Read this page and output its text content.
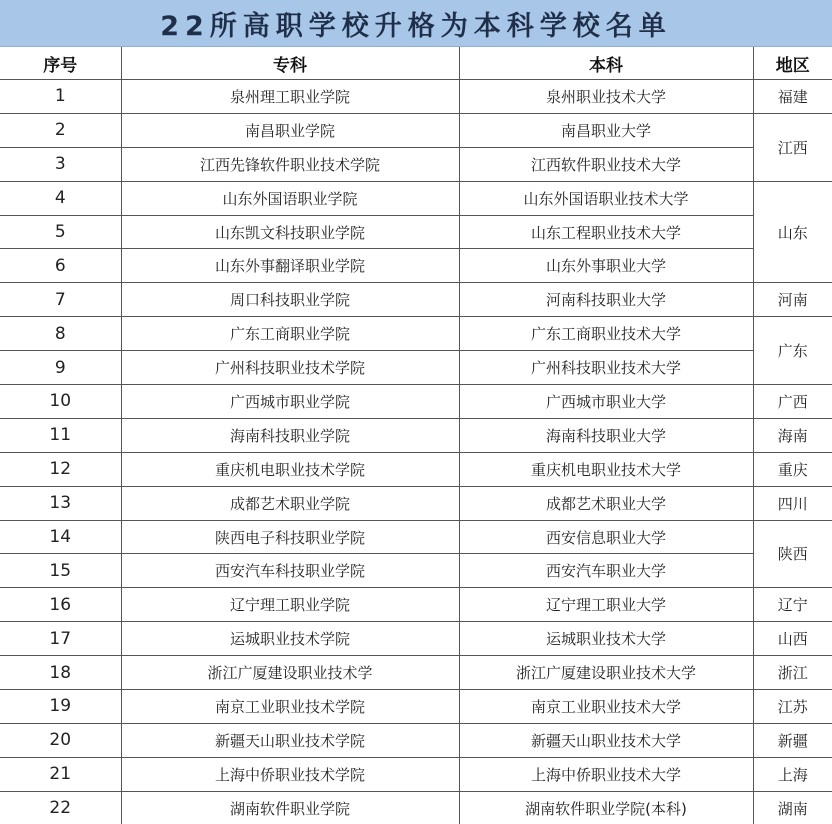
22所高职学校升格为本科学校名单
序号	专科	本科	地区
1	泉州理工职业学院	泉州职业技术大学	福建
2	南昌职业学院	南昌职业大学	江西
3	江西先锋软件职业技术学院	江西软件职业技术大学	
4	山东外国语职业学院	山东外国语职业技术大学	山东
5	山东凯文科技职业学院	山东工程职业技术大学	
6	山东外事翻译职业学院	山东外事职业大学	
7	周口科技职业学院	河南科技职业大学	河南
8	广东工商职业学院	广东工商职业技术大学	广东
9	广州科技职业技术学院	广州科技职业技术大学	
10	广西城市职业学院	广西城市职业大学	广西
11	海南科技职业学院	海南科技职业大学	海南
12	重庆机电职业技术学院	重庆机电职业技术大学	重庆
13	成都艺术职业学院	成都艺术职业大学	四川
14	陕西电子科技职业学院	西安信息职业大学	陕西
15	西安汽车科技职业学院	西安汽车职业大学	
16	辽宁理工职业学院	辽宁理工职业大学	辽宁
17	运城职业技术学院	运城职业技术大学	山西
18	浙江广厦建设职业技术学	浙江广厦建设职业技术大学	浙江
19	南京工业职业技术学院	南京工业职业技术大学	江苏
20	新疆天山职业技术学院	新疆天山职业技术大学	新疆
21	上海中侨职业技术学院	上海中侨职业技术大学	上海
22	湖南软件职业学院	湖南软件职业学院(本科)	湖南
